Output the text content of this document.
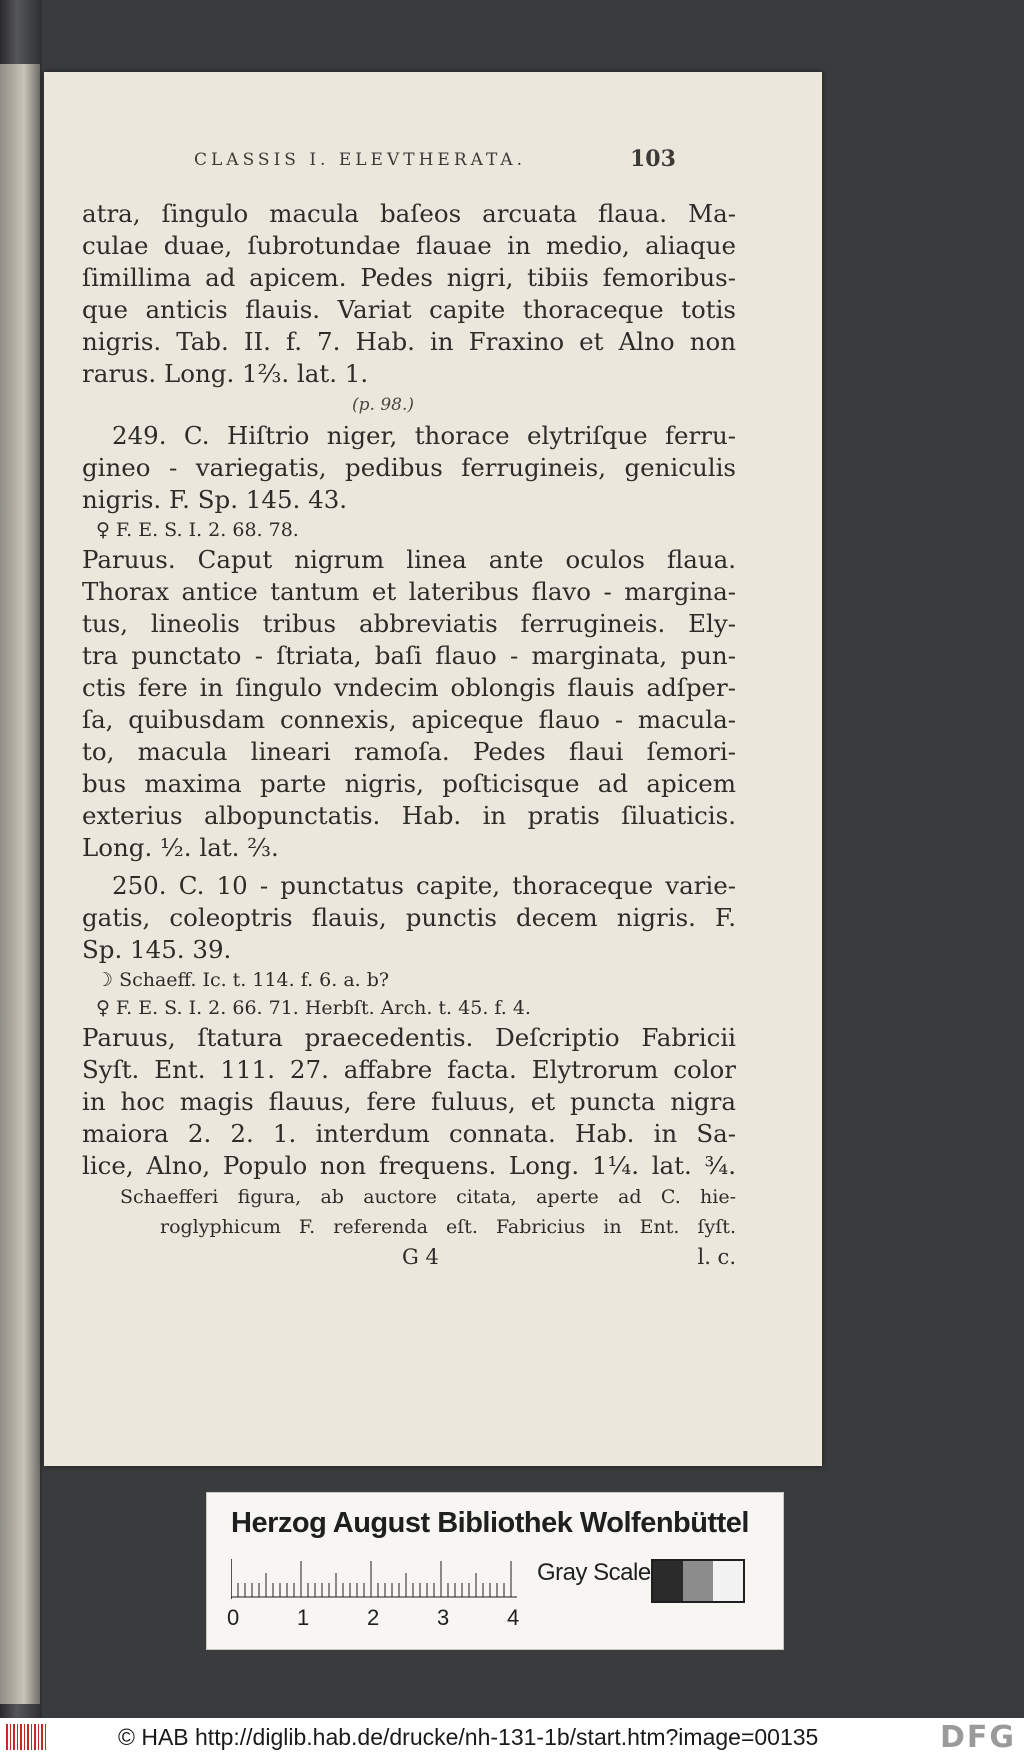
CLASSIS I. ELEVTHERATA.	103
atra, ſingulo macula baſeos arcuata flaua. Ma-
culae duae, ſubrotundae flauae in medio, aliaque
ſimillima ad apicem. Pedes nigri, tibiis femoribus-
que anticis flauis. Variat capite thoraceque totis
nigris. Tab. II. f. 7. Hab. in Fraxino et Alno non
rarus. Long. 1⅔. lat. 1.
(p. 98.)
249. C. Hiſtrio niger, thorace elytriſque ferru-
gineo - variegatis, pedibus ferrugineis, geniculis
nigris. F. Sp. 145. 43.
♀ F. E. S. I. 2. 68. 78.
Paruus. Caput nigrum linea ante oculos flaua.
Thorax antice tantum et lateribus flavo - margina-
tus, lineolis tribus abbreviatis ferrugineis. Ely-
tra punctato - ſtriata, baſi flauo - marginata, pun-
ctis fere in ſingulo vndecim oblongis flauis adſper-
ſa, quibusdam connexis, apiceque flauo - macula-
to, macula lineari ramoſa. Pedes flaui ſemori-
bus maxima parte nigris, poſticisque ad apicem
exterius albopunctatis. Hab. in pratis ſiluaticis.
Long. ½. lat. ⅔.
250. C. 10 - punctatus capite, thoraceque varie-
gatis, coleoptris flauis, punctis decem nigris. F.
Sp. 145. 39.
☽ Schaeff. Ic. t. 114. f. 6. a. b?
♀ F. E. S. I. 2. 66. 71. Herbſt. Arch. t. 45. f. 4.
Paruus, ſtatura praecedentis. Deſcriptio Fabricii
Syſt. Ent. 111. 27. affabre facta. Elytrorum color
in hoc magis flauus, fere fuluus, et puncta nigra
maiora 2. 2. 1. interdum connata. Hab. in Sa-
lice, Alno, Populo non frequens. Long. 1¼. lat. ¾.
Schaefferi figura, ab auctore citata, aperte ad C. hie-
roglyphicum F. referenda eſt. Fabricius in Ent. ſyſt.
G 4	l. c.
Herzog August Bibliothek Wolfenbüttel
0	1	2	3	4
Gray Scale
© HAB http://diglib.hab.de/drucke/nh-131-1b/start.htm?image=00135	DFG
